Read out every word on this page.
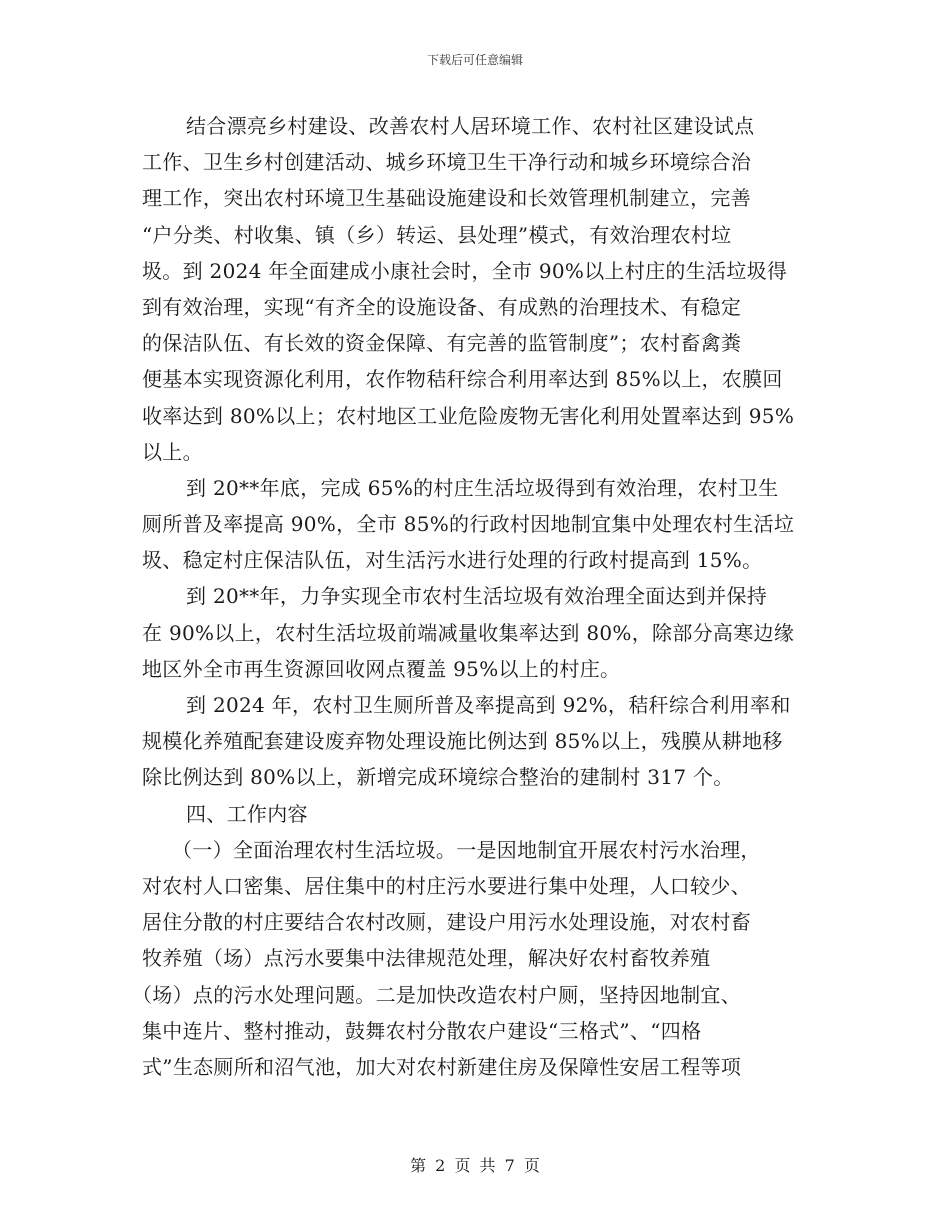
下载后可任意编辑
结合漂亮乡村建设、改善农村人居环境工作、农村社区建设试点
工作、卫生乡村创建活动、城乡环境卫生干净行动和城乡环境综合治
理工作，突出农村环境卫生基础设施建设和长效管理机制建立，完善
“户分类、村收集、镇（乡）转运、县处理”模式，有效治理农村垃
圾。到 2024 年全面建成小康社会时，全市 90%以上村庄的生活垃圾得
到有效治理，实现“有齐全的设施设备、有成熟的治理技术、有稳定
的保洁队伍、有长效的资金保障、有完善的监管制度”；农村畜禽粪
便基本实现资源化利用，农作物秸秆综合利用率达到 85%以上，农膜回
收率达到 80%以上；农村地区工业危险废物无害化利用处置率达到 95%
以上。
到 20**年底，完成 65%的村庄生活垃圾得到有效治理，农村卫生
厕所普及率提高 90%，全市 85%的行政村因地制宜集中处理农村生活垃
圾、稳定村庄保洁队伍，对生活污水进行处理的行政村提高到 15%。
到 20**年，力争实现全市农村生活垃圾有效治理全面达到并保持
在 90%以上，农村生活垃圾前端减量收集率达到 80%，除部分高寒边缘
地区外全市再生资源回收网点覆盖 95%以上的村庄。
到 2024 年，农村卫生厕所普及率提高到 92%，秸秆综合利用率和
规模化养殖配套建设废弃物处理设施比例达到 85%以上，残膜从耕地移
除比例达到 80%以上，新增完成环境综合整治的建制村 317 个。
四、工作内容
（一）全面治理农村生活垃圾。一是因地制宜开展农村污水治理，
对农村人口密集、居住集中的村庄污水要进行集中处理，人口较少、
居住分散的村庄要结合农村改厕，建设户用污水处理设施，对农村畜
牧养殖（场）点污水要集中法律规范处理，解决好农村畜牧养殖
（场）点的污水处理问题。二是加快改造农村户厕，坚持因地制宜、
集中连片、整村推动，鼓舞农村分散农户建设“三格式”、“四格
式”生态厕所和沼气池，加大对农村新建住房及保障性安居工程等项
第 2 页 共 7 页
